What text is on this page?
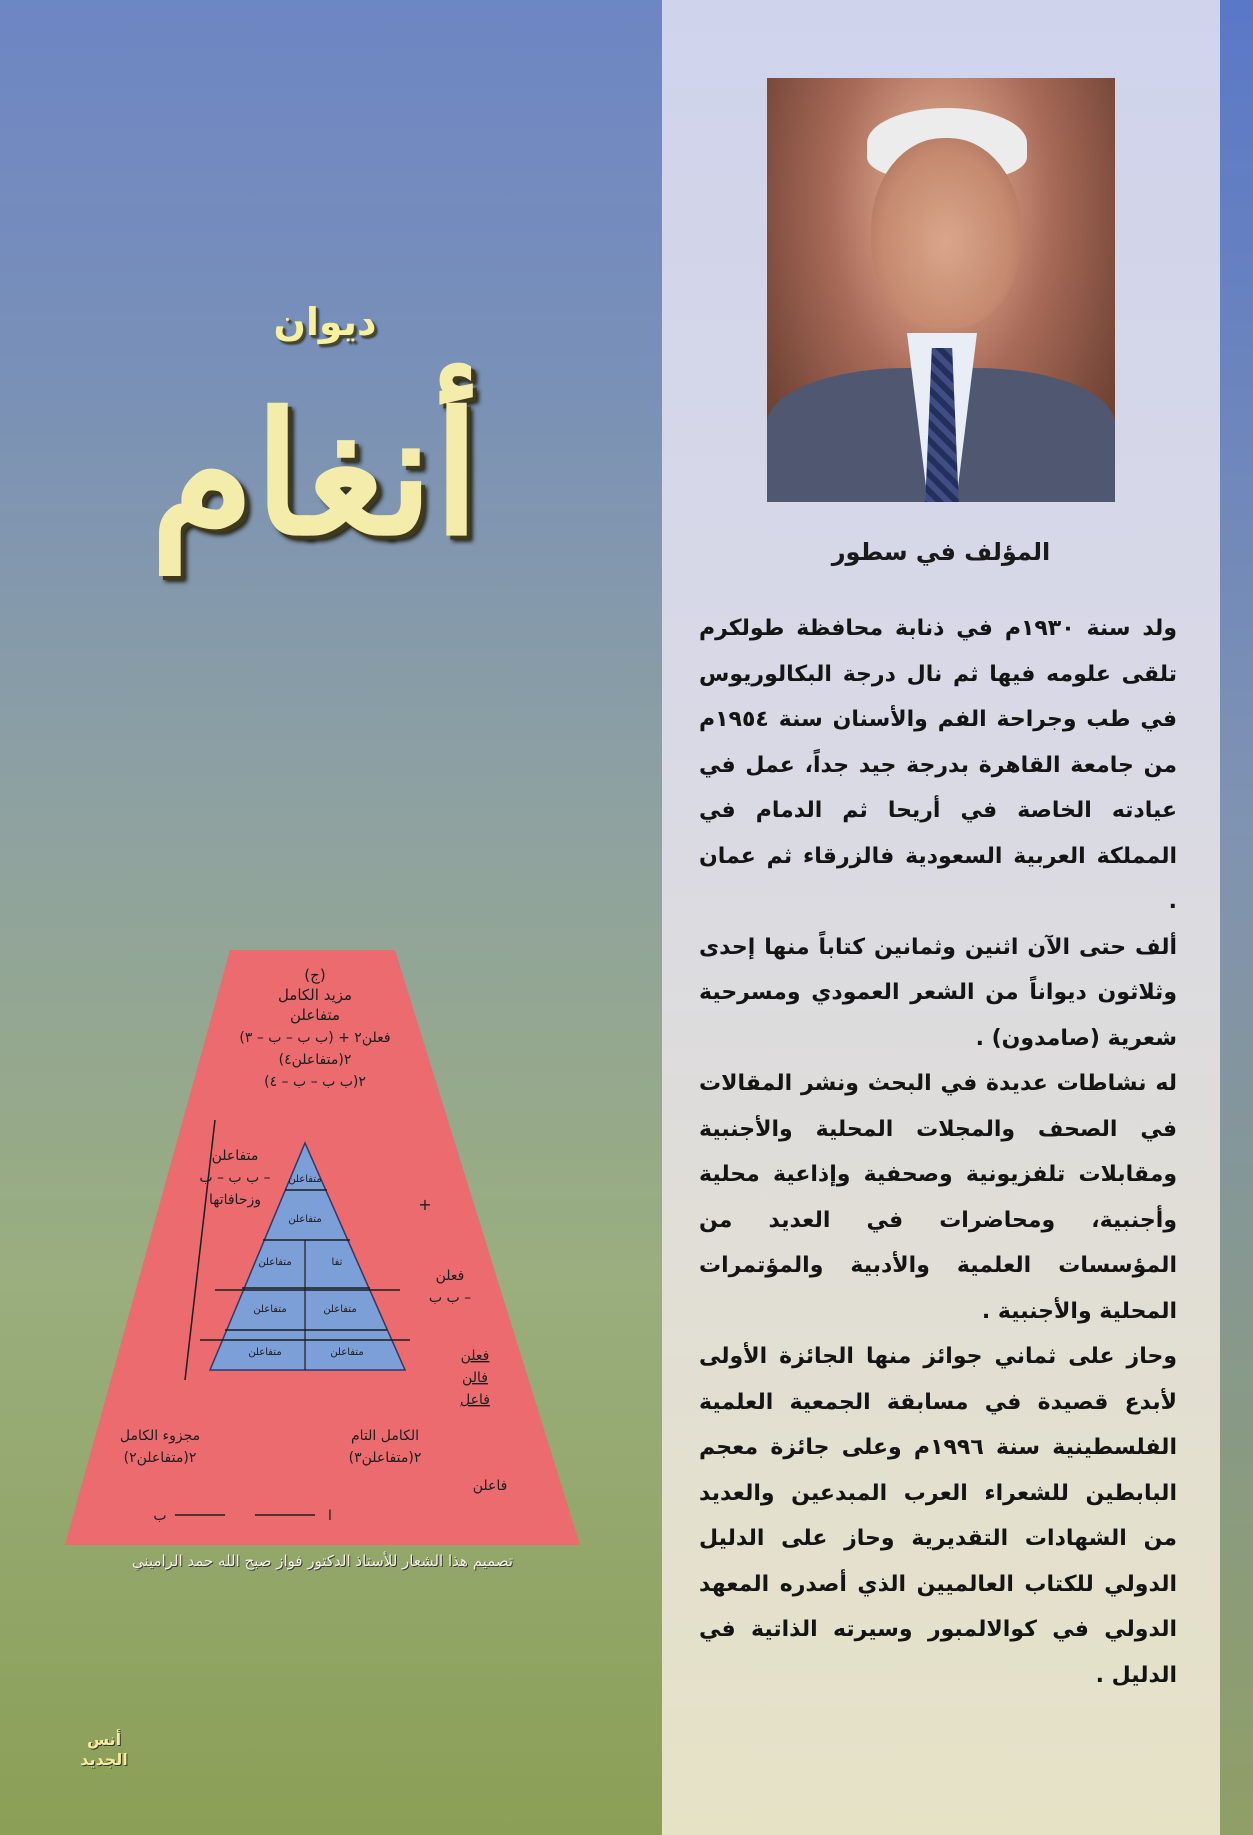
المؤلف في سطور

ولد سنة ١٩٣٠م في ذنابة محافظة طولكرم تلقى علومه فيها ثم نال درجة البكالوريوس في طب وجراحة الفم والأسنان سنة ١٩٥٤م من جامعة القاهرة بدرجة جيد جداً، عمل في عيادته الخاصة في أريحا ثم الدمام في المملكة العربية السعودية فالزرقاء ثم عمان .

ألف حتى الآن اثنين وثمانين كتاباً منها إحدى وثلاثون ديواناً من الشعر العمودي ومسرحية شعرية (صامدون) .

له نشاطات عديدة في البحث ونشر المقالات في الصحف والمجلات المحلية والأجنبية ومقابلات تلفزيونية وصحفية وإذاعية محلية وأجنبية، ومحاضرات في العديد من المؤسسات العلمية والأدبية والمؤتمرات المحلية والأجنبية .

وحاز على ثماني جوائز منها الجائزة الأولى لأبدع قصيدة في مسابقة الجمعية العلمية الفلسطينية سنة ١٩٩٦م وعلى جائزة معجم البابطين للشعراء العرب المبدعين والعديد من الشهادات التقديرية وحاز على الدليل الدولي للكتاب العالميين الذي أصدره المعهد الدولي في كوالالمبور وسيرته الذاتية في الدليل .

ديوان
أنغام
(ج)
مزيد الكامل
متفاعلن
(ب ب – ب – ٣) + فعلن٢
(متفاعلن٤)٢
(ب ب – ب – ٤)٢
متفاعلن
ب ب – ب –
وزحافاتها	+
فعلن
ب ب –
فعلن
فالن
فاعل
مجزوء الكامل
(متفاعلن٢)٢
الكامل التام
(متفاعلن٣)٢
فاعلن
ب	ا
متفاعلن
متفاعلن
متفاعلن	تفا
متفاعلن	متفاعلن
متفاعلن	متفاعلن
تصميم هذا الشعار للأستاذ الدكتور فواز صبح الله حمد الراميني
أنس الجديد
